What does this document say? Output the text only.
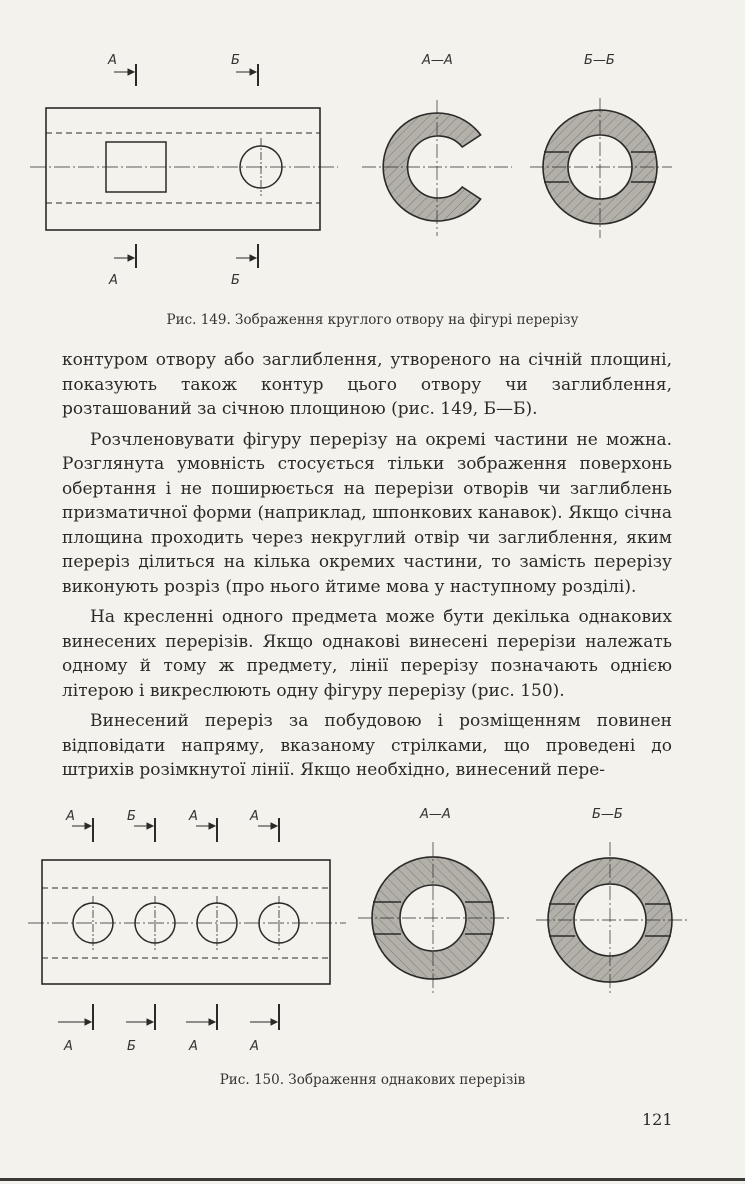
А	Б
А	Б
А—А	Б—Б
Рис. 149. Зображення круглого отвору на фігурі перерізу

контуром отвору або заглиблення, утвореного на січній площині, показують також контур цього отвору чи заглиблення, розташований за січною площиною (рис. 149, Б—Б).

Розчленовувати фігуру перерізу на окремі частини не можна. Розглянута умовність стосується тільки зображення поверхонь обертання і не поширюється на перерізи отворів чи заглиблень призматичної форми (наприклад, шпонкових канавок). Якщо січна площина проходить через некруглий отвір чи заглиблення, яким переріз ділиться на кілька окремих частини, то замість перерізу виконують розріз (про нього йтиме мова у наступному розділі).

На кресленні одного предмета може бути декілька однакових винесених перерізів. Якщо однакові винесені перерізи належать одному й тому ж предмету, лінії перерізу позначають однією літерою і викреслюють одну фігуру перерізу (рис. 150).

Винесений переріз за побудовою і розміщенням повинен відповідати напряму, вказаному стрілками, що проведені до штрихів розімкнутої лінії. Якщо необхідно, винесений пере-

А	Б	А	А
А	Б	А	А
А—А	Б—Б
Рис. 150. Зображення однакових перерізів
121
